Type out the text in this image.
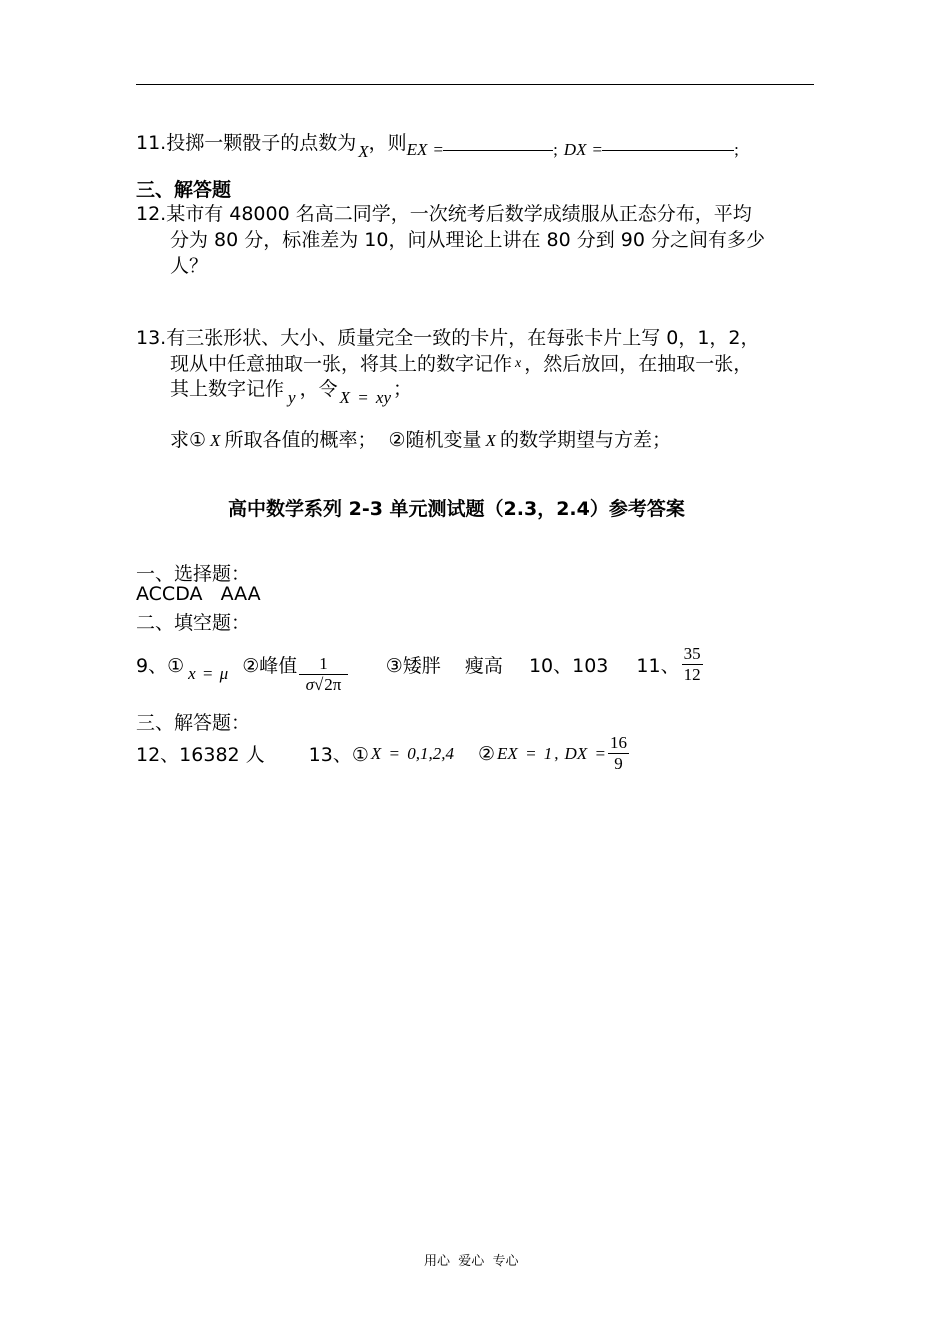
11.投掷一颗骰子的点数为 X，则EX =	; DX =	;
三、解答题
12.某市有 48000 名高二同学，一次统考后数学成绩服从正态分布，平均
分为 80 分，标准差为 10，问从理论上讲在 80 分到 90 分之间有多少
人？
13.有三张形状、大小、质量完全一致的卡片，在每张卡片上写 0，1，2，
现从中任意抽取一张，将其上的数字记作 x ，然后放回，在抽取一张，
其上数字记作 y ，令 X = xy ；
求① X 所取各值的概率； ②随机变量 X 的数学期望与方差；
高中数学系列 2-3 单元测试题（2.3，2.4）参考答案
一、选择题：
ACCDA   AAA
二、填空题：
9、① x = μ ②峰值 $\frac{1}{\sigma√2\pi}$ ③矮胖    瘦高 10、103 11、 $\frac{35}{12}$
三、解答题：
12、16382 人 13、① X = 0,1,2,4 ② EX = 1 , DX = $\frac{16}{9}$
用心  爱心  专心
